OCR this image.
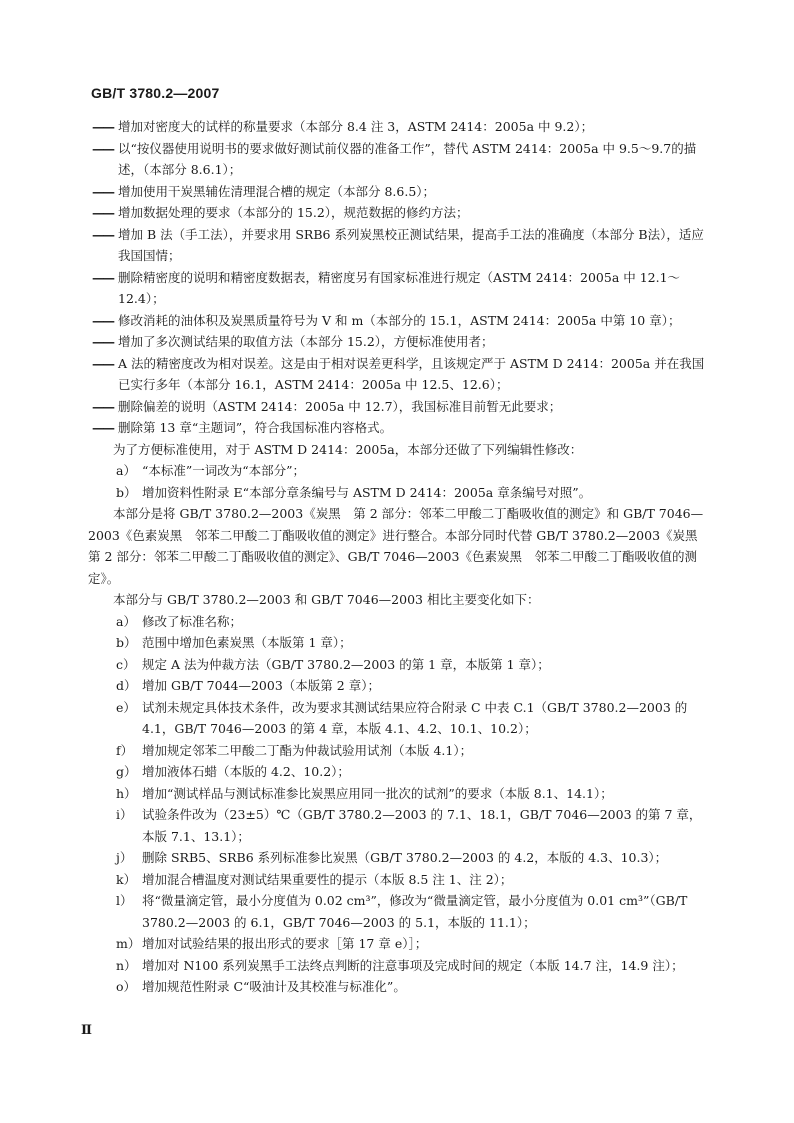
GB/T 3780.2—2007
—— 增加对密度大的试样的称量要求（本部分 8.4 注 3，ASTM 2414：2005a 中 9.2）；
—— 以“按仪器使用说明书的要求做好测试前仪器的准备工作”，替代 ASTM 2414：2005a 中 9.5～9.7的描述，（本部分 8.6.1）；
—— 增加使用干炭黑辅佐清理混合槽的规定（本部分 8.6.5）；
—— 增加数据处理的要求（本部分的 15.2），规范数据的修约方法；
—— 增加 B 法（手工法），并要求用 SRB6 系列炭黑校正测试结果，提高手工法的准确度（本部分 B法），适应我国国情；
—— 删除精密度的说明和精密度数据表，精密度另有国家标准进行规定（ASTM 2414：2005a 中 12.1～12.4）；
—— 修改消耗的油体积及炭黑质量符号为 V 和 m（本部分的 15.1，ASTM 2414：2005a 中第 10 章）；
—— 增加了多次测试结果的取值方法（本部分 15.2），方便标准使用者；
—— A 法的精密度改为相对误差。这是由于相对误差更科学，且该规定严于 ASTM D 2414：2005a 并在我国已实行多年（本部分 16.1，ASTM 2414：2005a 中 12.5、12.6）；
—— 删除偏差的说明（ASTM 2414：2005a 中 12.7），我国标准目前暂无此要求；
—— 删除第 13 章“主题词”，符合我国标准内容格式。
为了方便标准使用，对于 ASTM D 2414：2005a，本部分还做了下列编辑性修改：
a） “本标准”一词改为“本部分”；
b） 增加资料性附录 E“本部分章条编号与 ASTM D 2414：2005a 章条编号对照”。
本部分是将 GB/T 3780.2—2003《炭黑　第 2 部分：邻苯二甲酸二丁酯吸收值的测定》和 GB/T 7046—2003《色素炭黑　邻苯二甲酸二丁酯吸收值的测定》进行整合。本部分同时代替 GB/T 3780.2—2003《炭黑　第 2 部分：邻苯二甲酸二丁酯吸收值的测定》、GB/T 7046—2003《色素炭黑　邻苯二甲酸二丁酯吸收值的测定》。
本部分与 GB/T 3780.2—2003 和 GB/T 7046—2003 相比主要变化如下：
a） 修改了标准名称；
b） 范围中增加色素炭黑（本版第 1 章）；
c） 规定 A 法为仲裁方法（GB/T 3780.2—2003 的第 1 章，本版第 1 章）；
d） 增加 GB/T 7044—2003（本版第 2 章）；
e） 试剂未规定具体技术条件，改为要求其测试结果应符合附录 C 中表 C.1（GB/T 3780.2—2003 的 4.1，GB/T 7046—2003 的第 4 章，本版 4.1、4.2、10.1、10.2）；
f） 增加规定邻苯二甲酸二丁酯为仲裁试验用试剂（本版 4.1）；
g） 增加液体石蜡（本版的 4.2、10.2）；
h） 增加“测试样品与测试标准参比炭黑应用同一批次的试剂”的要求（本版 8.1、14.1）；
i） 试验条件改为（23±5）℃（GB/T 3780.2—2003 的 7.1、18.1，GB/T 7046—2003 的第 7 章，本版 7.1、13.1）；
j） 删除 SRB5、SRB6 系列标准参比炭黑（GB/T 3780.2—2003 的 4.2，本版的 4.3、10.3）；
k） 增加混合槽温度对测试结果重要性的提示（本版 8.5 注 1、注 2）；
l） 将“微量滴定管，最小分度值为 0.02 cm³”，修改为“微量滴定管，最小分度值为 0.01 cm³”（GB/T 3780.2—2003 的 6.1，GB/T 7046—2003 的 5.1，本版的 11.1）；
m） 增加对试验结果的报出形式的要求［第 17 章 e）］；
n） 增加对 N100 系列炭黑手工法终点判断的注意事项及完成时间的规定（本版 14.7 注，14.9 注）；
o） 增加规范性附录 C“吸油计及其校准与标准化”。
Ⅱ
